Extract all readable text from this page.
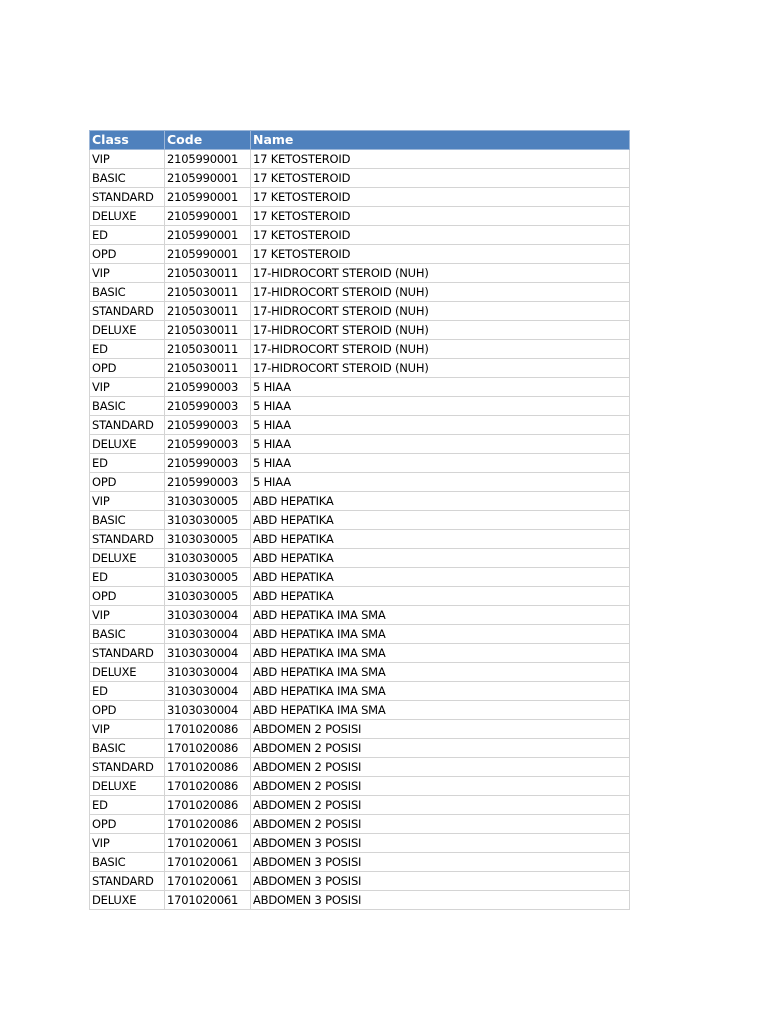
Class	Code	Name
VIP	2105990001	17 KETOSTEROID
BASIC	2105990001	17 KETOSTEROID
STANDARD	2105990001	17 KETOSTEROID
DELUXE	2105990001	17 KETOSTEROID
ED	2105990001	17 KETOSTEROID
OPD	2105990001	17 KETOSTEROID
VIP	2105030011	17-HIDROCORT STEROID (NUH)
BASIC	2105030011	17-HIDROCORT STEROID (NUH)
STANDARD	2105030011	17-HIDROCORT STEROID (NUH)
DELUXE	2105030011	17-HIDROCORT STEROID (NUH)
ED	2105030011	17-HIDROCORT STEROID (NUH)
OPD	2105030011	17-HIDROCORT STEROID (NUH)
VIP	2105990003	5 HIAA
BASIC	2105990003	5 HIAA
STANDARD	2105990003	5 HIAA
DELUXE	2105990003	5 HIAA
ED	2105990003	5 HIAA
OPD	2105990003	5 HIAA
VIP	3103030005	ABD HEPATIKA
BASIC	3103030005	ABD HEPATIKA
STANDARD	3103030005	ABD HEPATIKA
DELUXE	3103030005	ABD HEPATIKA
ED	3103030005	ABD HEPATIKA
OPD	3103030005	ABD HEPATIKA
VIP	3103030004	ABD HEPATIKA IMA SMA
BASIC	3103030004	ABD HEPATIKA IMA SMA
STANDARD	3103030004	ABD HEPATIKA IMA SMA
DELUXE	3103030004	ABD HEPATIKA IMA SMA
ED	3103030004	ABD HEPATIKA IMA SMA
OPD	3103030004	ABD HEPATIKA IMA SMA
VIP	1701020086	ABDOMEN 2 POSISI
BASIC	1701020086	ABDOMEN 2 POSISI
STANDARD	1701020086	ABDOMEN 2 POSISI
DELUXE	1701020086	ABDOMEN 2 POSISI
ED	1701020086	ABDOMEN 2 POSISI
OPD	1701020086	ABDOMEN 2 POSISI
VIP	1701020061	ABDOMEN 3 POSISI
BASIC	1701020061	ABDOMEN 3 POSISI
STANDARD	1701020061	ABDOMEN 3 POSISI
DELUXE	1701020061	ABDOMEN 3 POSISI
